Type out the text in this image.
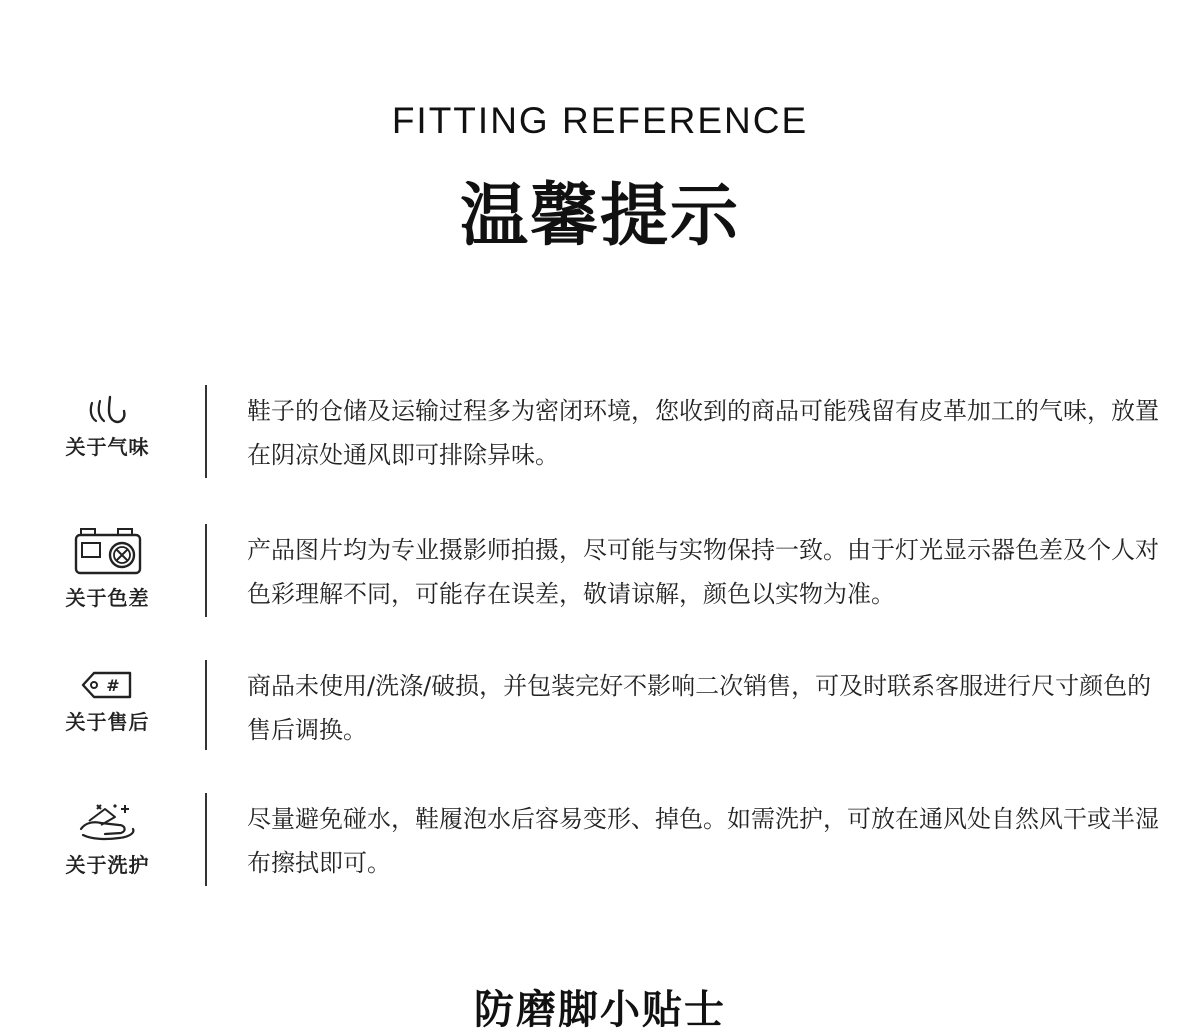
FITTING REFERENCE
温馨提示
关于气味

鞋子的仓储及运输过程多为密闭环境，您收到的商品可能残留有皮革加工的气味，放置在阴凉处通风即可排除异味。

关于色差

产品图片均为专业摄影师拍摄，尽可能与实物保持一致。由于灯光显示器色差及个人对色彩理解不同，可能存在误差，敬请谅解，颜色以实物为准。

#
关于售后

商品未使用/洗涤/破损，并包装完好不影响二次销售，可及时联系客服进行尺寸颜色的售后调换。

关于洗护

尽量避免碰水，鞋履泡水后容易变形、掉色。如需洗护，可放在通风处自然风干或半湿布擦拭即可。

防磨脚小贴士
